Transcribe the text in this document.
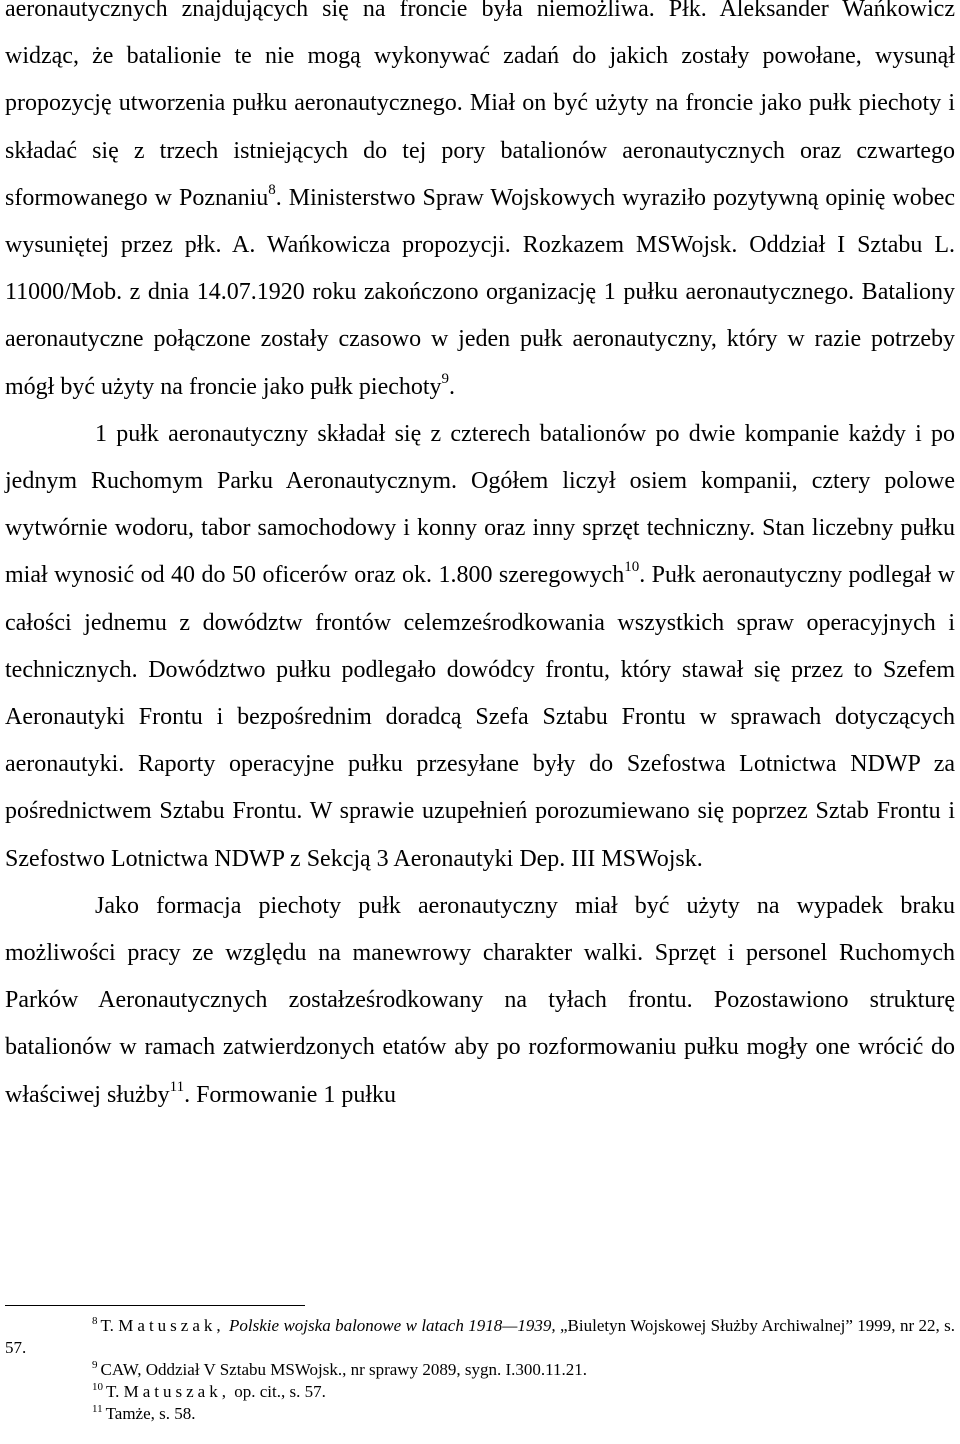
aeronautycznych znajdujących się na froncie była niemożliwa. Płk. Aleksander Wańkowicz widząc, że batalionie te nie mogą wykonywać zadań do jakich zostały powołane, wysunął propozycję utworzenia pułku aeronautycznego. Miał on być użyty na froncie jako pułk piechoty i składać się z trzech istniejących do tej pory batalionów aeronautycznych oraz czwartego sformowanego w Poznaniu$^8$. Ministerstwo Spraw Wojskowych wyraziło pozytywną opinię wobec wysuniętej przez płk. A. Wańkowicza propozycji. Rozkazem MSWojsk. Oddział I Sztabu L. 11000/Mob. z dnia 14.07.1920 roku zakończono organizację 1 pułku aeronautycznego. Bataliony aeronautyczne połączone zostały czasowo w jeden pułk aeronautyczny, który w razie potrzeby mógł być użyty na froncie jako pułk piechoty$^9$.

1 pułk aeronautyczny składał się z czterech batalionów po dwie kompanie każdy i po jednym Ruchomym Parku Aeronautycznym. Ogółem liczył osiem kompanii, cztery polowe wytwórnie wodoru, tabor samochodowy i konny oraz inny sprzęt techniczny. Stan liczebny pułku miał wynosić od 40 do 50 oficerów oraz ok. 1.800 szeregowych$^{10}$. Pułk aeronautyczny podlegał w całości jednemu z dowództw frontów celemześrodkowania wszystkich spraw operacyjnych i technicznych. Dowództwo pułku podlegało dowódcy frontu, który stawał się przez to Szefem Aeronautyki Frontu i bezpośrednim doradcą Szefa Sztabu Frontu w sprawach dotyczących aeronautyki. Raporty operacyjne pułku przesyłane były do Szefostwa Lotnictwa NDWP za pośrednictwem Sztabu Frontu. W sprawie uzupełnień porozumiewano się poprzez Sztab Frontu i Szefostwo Lotnictwa NDWP z Sekcją 3 Aeronautyki Dep. III MSWojsk.

Jako formacja piechoty pułk aeronautyczny miał być użyty na wypadek braku możliwości pracy ze względu na manewrowy charakter walki. Sprzęt i personel Ruchomych Parków Aeronautycznych zostałześrodkowany na tyłach frontu. Pozostawiono strukturę batalionów w ramach zatwierdzonych etatów aby po rozformowaniu pułku mogły one wrócić do właściwej służby$^{11}$. Formowanie 1 pułku

$^8$ T. Matuszak, Polskie wojska balonowe w latach 1918—1939, „Biuletyn Wojskowej Służby Archiwalnej” 1999, nr 22, s. 57.

$^9$ CAW, Oddział V Sztabu MSWojsk., nr sprawy 2089, sygn. I.300.11.21.

$^{10}$ T. Matuszak, op. cit., s. 57.

$^{11}$ Tamże, s. 58.
